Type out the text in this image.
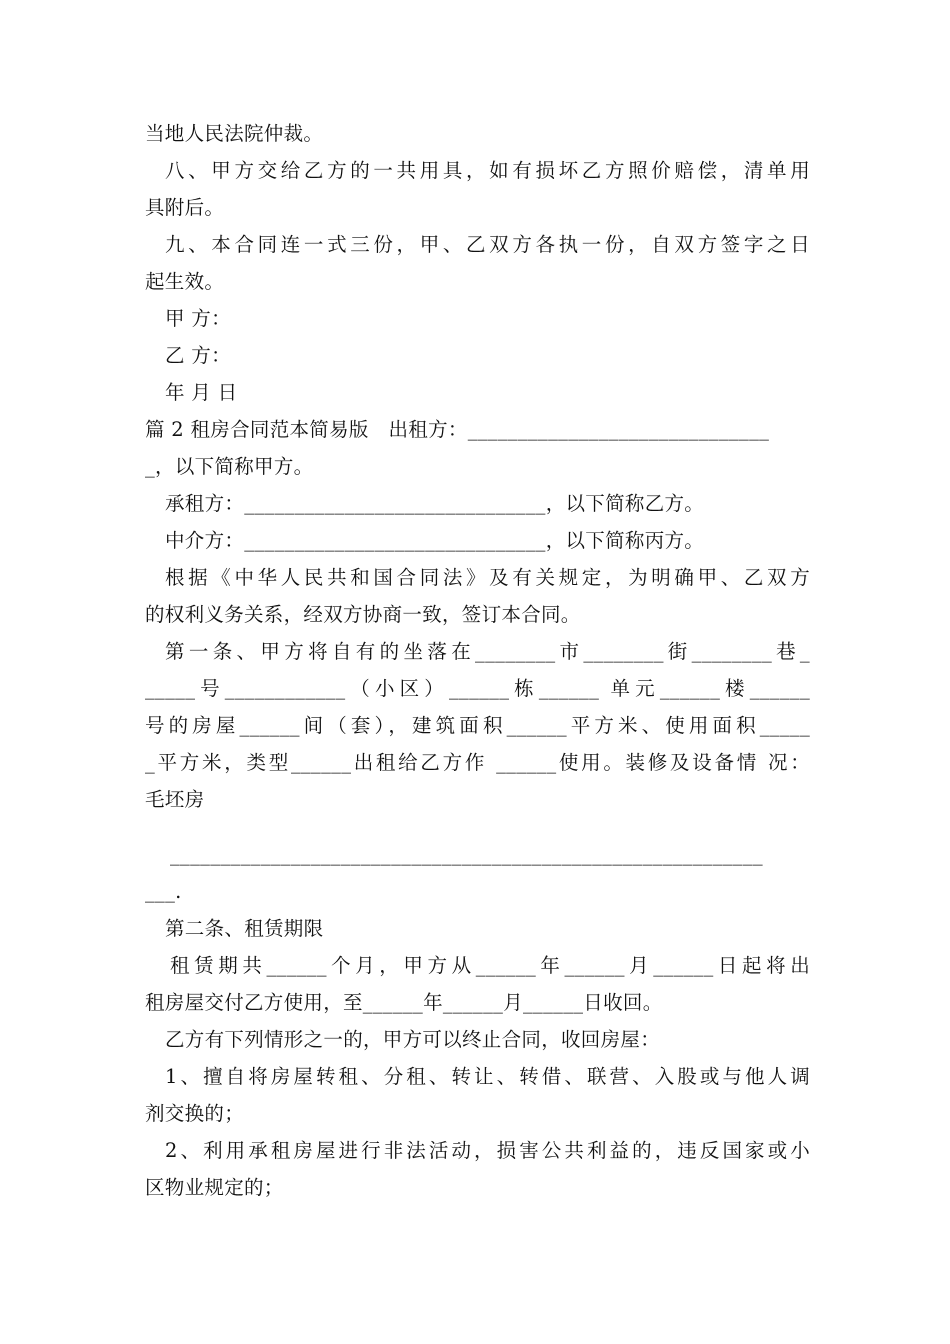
当地人民法院仲裁。
八、甲方交给乙方的一共用具，如有损坏乙方照价赔偿，清单用
具附后。
九、本合同连一式三份，甲、乙双方各执一份，自双方签字之日
起生效。
甲 方：
乙 方：
年 月 日
篇 2 租房合同范本简易版　出租方：______________________________
_，以下简称甲方。
承租方：______________________________，以下简称乙方。
中介方：______________________________，以下简称丙方。
根据《中华人民共和国合同法》及有关规定，为明确甲、乙双方
的权利义务关系，经双方协商一致，签订本合同。
第一条、甲方将自有的坐落在________市________街________巷_
_____号____________（小区）______栋______ 单元______楼______
号的房屋______间（套），建筑面积______平方米、使用面积_____
_平方米，类型______出租给乙方作 ______使用。装修及设备情 况：
毛坯房
___________________________________________________________
___.
第二条、租赁期限
租赁期共______个月，甲方从______年______月______日起将出
租房屋交付乙方使用，至______年______月______日收回。
乙方有下列情形之一的，甲方可以终止合同，收回房屋：
1、擅自将房屋转租、分租、转让、转借、联营、入股或与他人调
剂交换的；
2、利用承租房屋进行非法活动，损害公共利益的，违反国家或小
区物业规定的；
